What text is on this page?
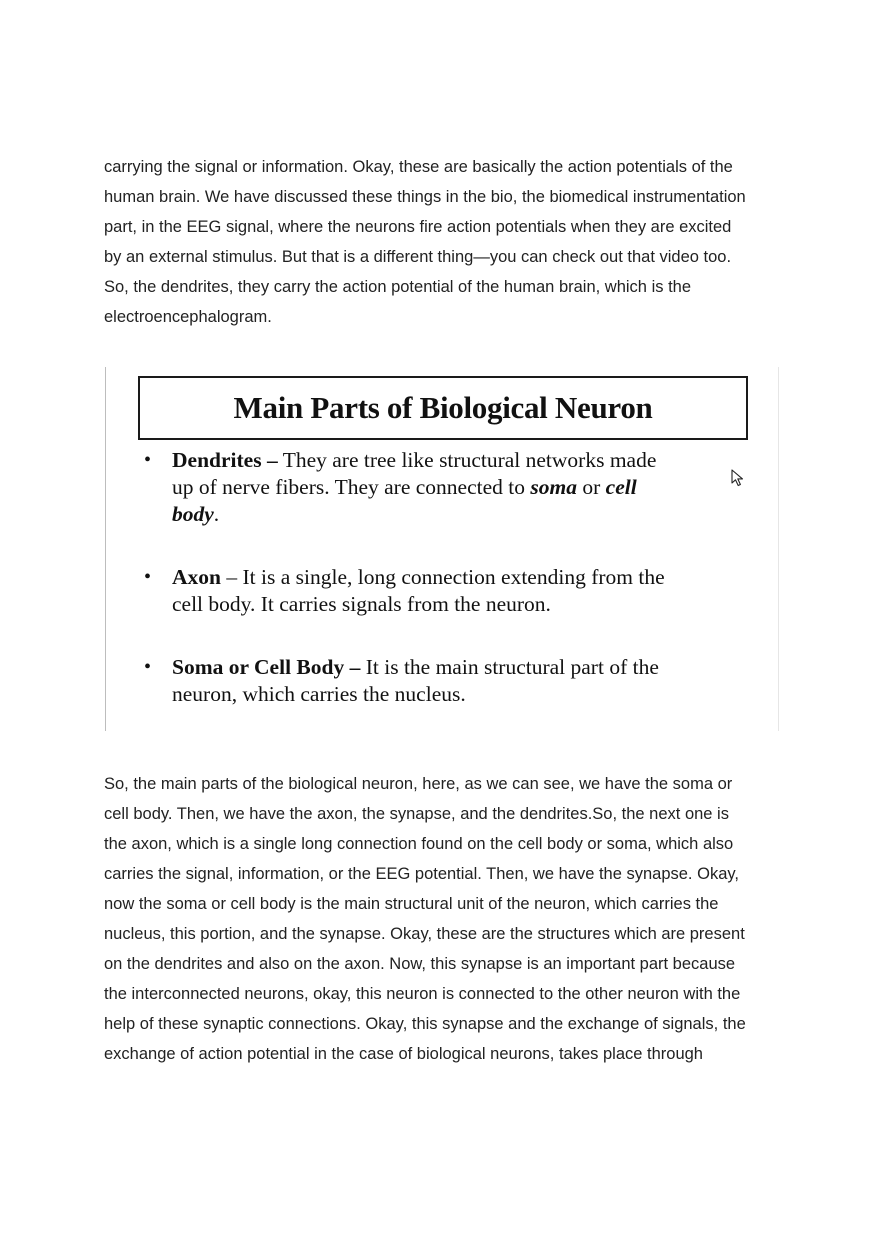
carrying the signal or information. Okay, these are basically the action potentials of the
human brain. We have discussed these things in the bio, the biomedical instrumentation
part, in the EEG signal, where the neurons fire action potentials when they are excited
by an external stimulus. But that is a different thing—you can check out that video too.
So, the dendrites, they carry the action potential of the human brain, which is the
electroencephalogram.

Main Parts of Biological Neuron
• Dendrites – They are tree like structural networks made
up of nerve fibers. They are connected to soma or cell
body.
• Axon – It is a single, long connection extending from the
cell body. It carries signals from the neuron.
• Soma or Cell Body – It is the main structural part of the
neuron, which carries the nucleus.

So, the main parts of the biological neuron, here, as we can see, we have the soma or
cell body. Then, we have the axon, the synapse, and the dendrites.So, the next one is
the axon, which is a single long connection found on the cell body or soma, which also
carries the signal, information, or the EEG potential. Then, we have the synapse. Okay,
now the soma or cell body is the main structural unit of the neuron, which carries the
nucleus, this portion, and the synapse. Okay, these are the structures which are present
on the dendrites and also on the axon. Now, this synapse is an important part because
the interconnected neurons, okay, this neuron is connected to the other neuron with the
help of these synaptic connections. Okay, this synapse and the exchange of signals, the
exchange of action potential in the case of biological neurons, takes place through
